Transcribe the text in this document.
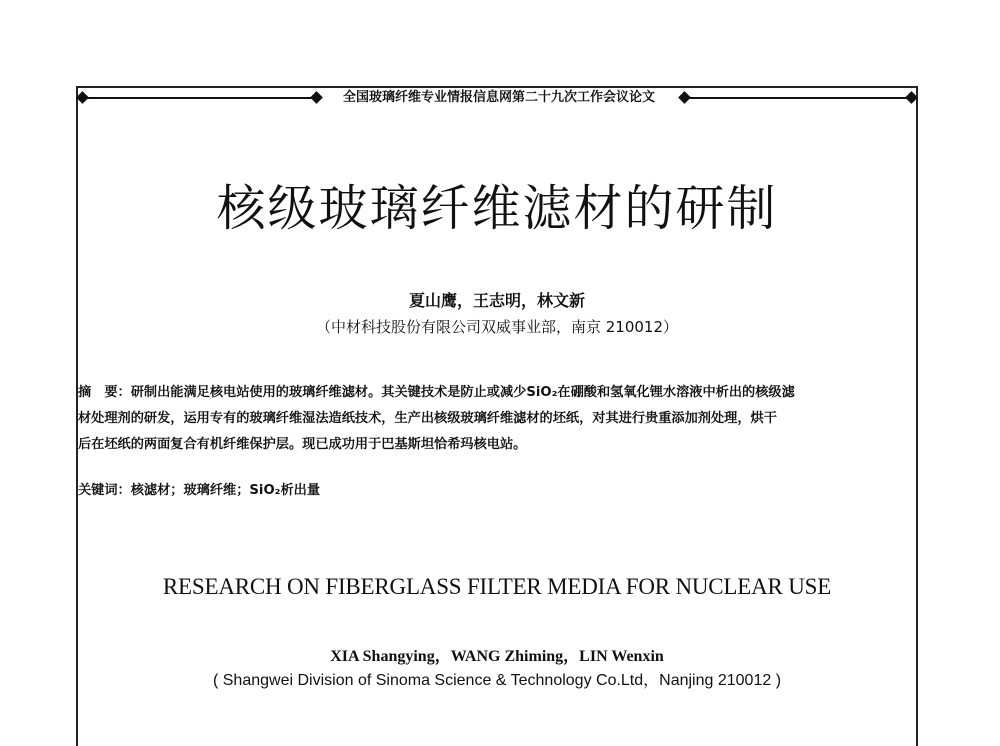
全国玻璃纤维专业情报信息网第二十九次工作会议论文
核级玻璃纤维滤材的研制
夏山鹰，王志明，林文新
（中材科技股份有限公司双威事业部，南京 210012）
摘　要：研制出能满足核电站使用的玻璃纤维滤材。其关键技术是防止或减少SiO₂在硼酸和氢氧化锂水溶液中析出的核级滤
材处理剂的研发，运用专有的玻璃纤维湿法造纸技术，生产出核级玻璃纤维滤材的坯纸，对其进行贵重添加剂处理，烘干
后在坯纸的两面复合有机纤维保护层。现已成功用于巴基斯坦恰希玛核电站。
关键词：核滤材；玻璃纤维；SiO₂析出量
RESEARCH ON FIBERGLASS FILTER MEDIA FOR NUCLEAR USE
XIA Shangying，WANG Zhiming，LIN Wenxin
( Shangwei Division of Sinoma Science & Technology Co.Ltd，Nanjing 210012 )
